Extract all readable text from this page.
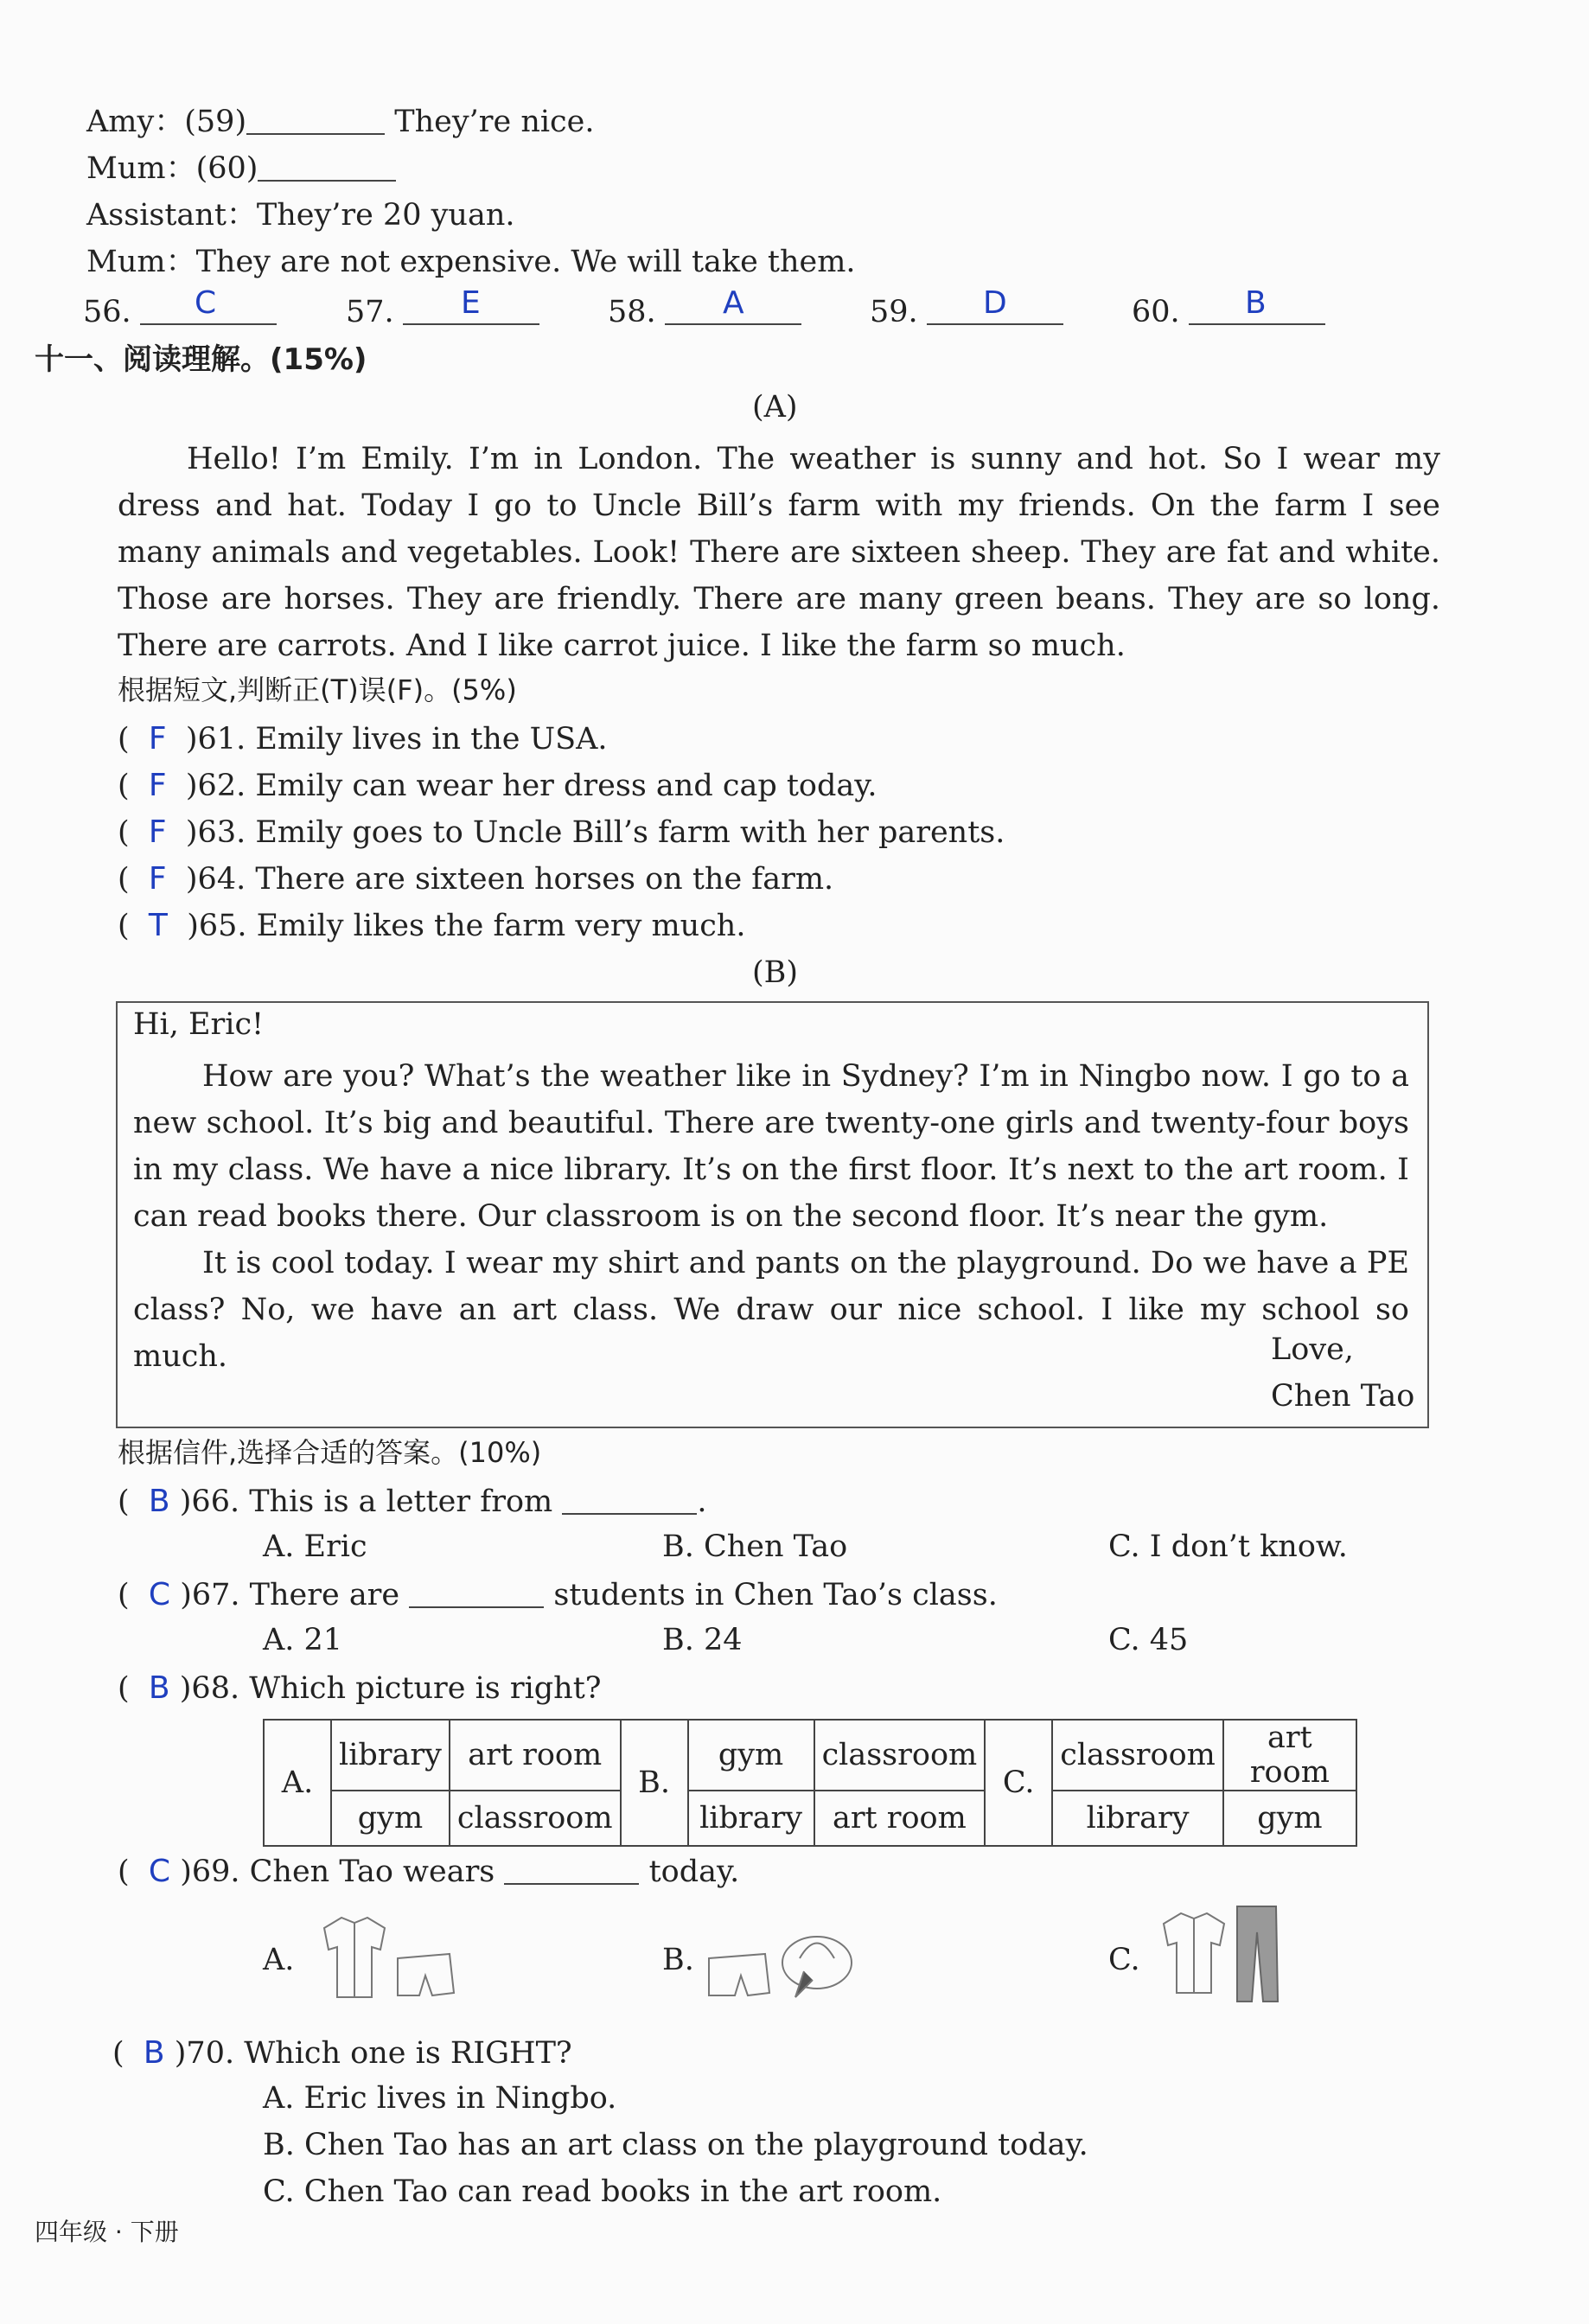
Amy：(59)	They’re nice.
Mum：(60)
Assistant：They’re 20 yuan.
Mum：They are not expensive. We will take them.
56.	C	57.	E	58.	A	59.	D	60.	B
十一、阅读理解。(15%)
(A)

Hello! I’m Emily. I’m in London. The weather is sunny and hot. So I wear my dress and hat. Today I go to Uncle Bill’s farm with my friends. On the farm I see many animals and vegetables. Look! There are sixteen sheep. They are fat and white. Those are horses. They are friendly. There are many green beans. They are so long. There are carrots. And I like carrot juice. I like the farm so much.

根据短文,判断正(T)误(F)。(5%)
( F )61. Emily lives in the USA.
( F )62. Emily can wear her dress and cap today.
( F )63. Emily goes to Uncle Bill’s farm with her parents.
( F )64. There are sixteen horses on the farm.
( T )65. Emily likes the farm very much.
(B)
Hi, Eric!

How are you? What’s the weather like in Sydney? I’m in Ningbo now. I go to a new school. It’s big and beautiful. There are twenty-one girls and twenty-four boys in my class. We have a nice library. It’s on the first floor. It’s next to the art room. I can read books there. Our classroom is on the second floor. It’s near the gym.

It is cool today. I wear my shirt and pants on the playground. Do we have a PE class? No, we have an art class. We draw our nice school. I like my school so much.	Love,
Chen Tao
根据信件,选择合适的答案。(10%)
( B )66. This is a letter from	.
A. Eric	B. Chen Tao	C. I don’t know.
( C )67. There are	students in Chen Tao’s class.
A. 21	B. 24	C. 45
( B )68. Which picture is right?
A.	library	art room	B.	gym	classroom	C.	classroom	art room
	gym	classroom		library	art room		library	gym
( C )69. Chen Tao wears	today.
A.	B.	C.
( B )70. Which one is RIGHT?
A. Eric lives in Ningbo.
B. Chen Tao has an art class on the playground today.
C. Chen Tao can read books in the art room.
四年级 · 下册
